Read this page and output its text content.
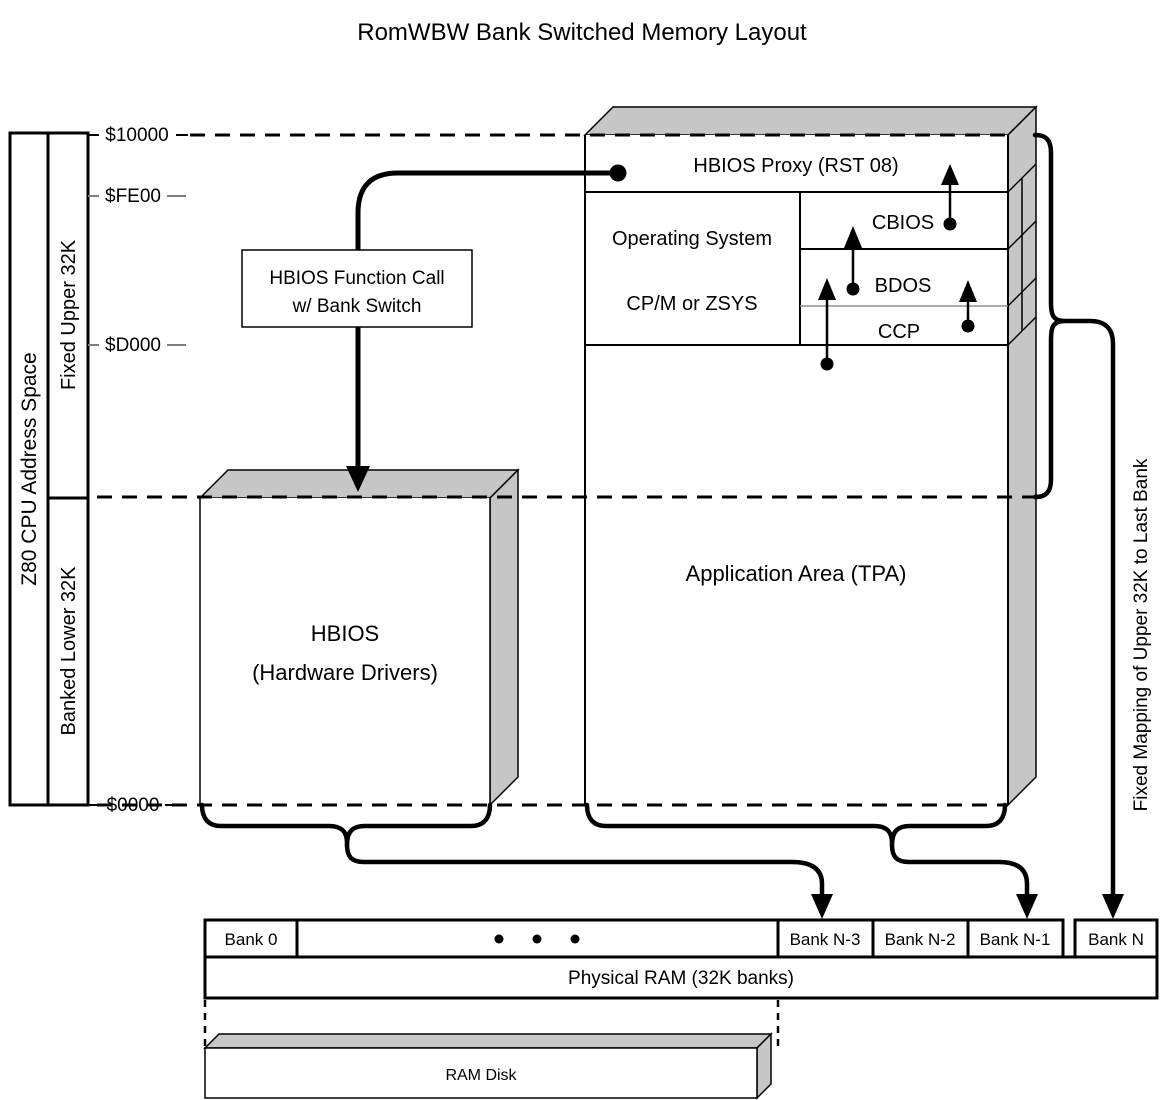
RomWBW Bank Switched Memory Layout
Z80 CPU Address Space
Fixed Upper 32K
Banked Lower 32K
$10000
$FE00
$D000
$0000
HBIOS Function Call
w/ Bank Switch
HBIOS Proxy (RST 08)
Operating System
CP/M or ZSYS
CBIOS
BDOS
CCP
Application Area (TPA)
HBIOS
(Hardware Drivers)	Fixed Mapping of Upper 32K to Last Bank
Bank 0	Bank N-3 Bank N-2 Bank N-1 Bank N
Physical RAM (32K banks)
RAM Disk
